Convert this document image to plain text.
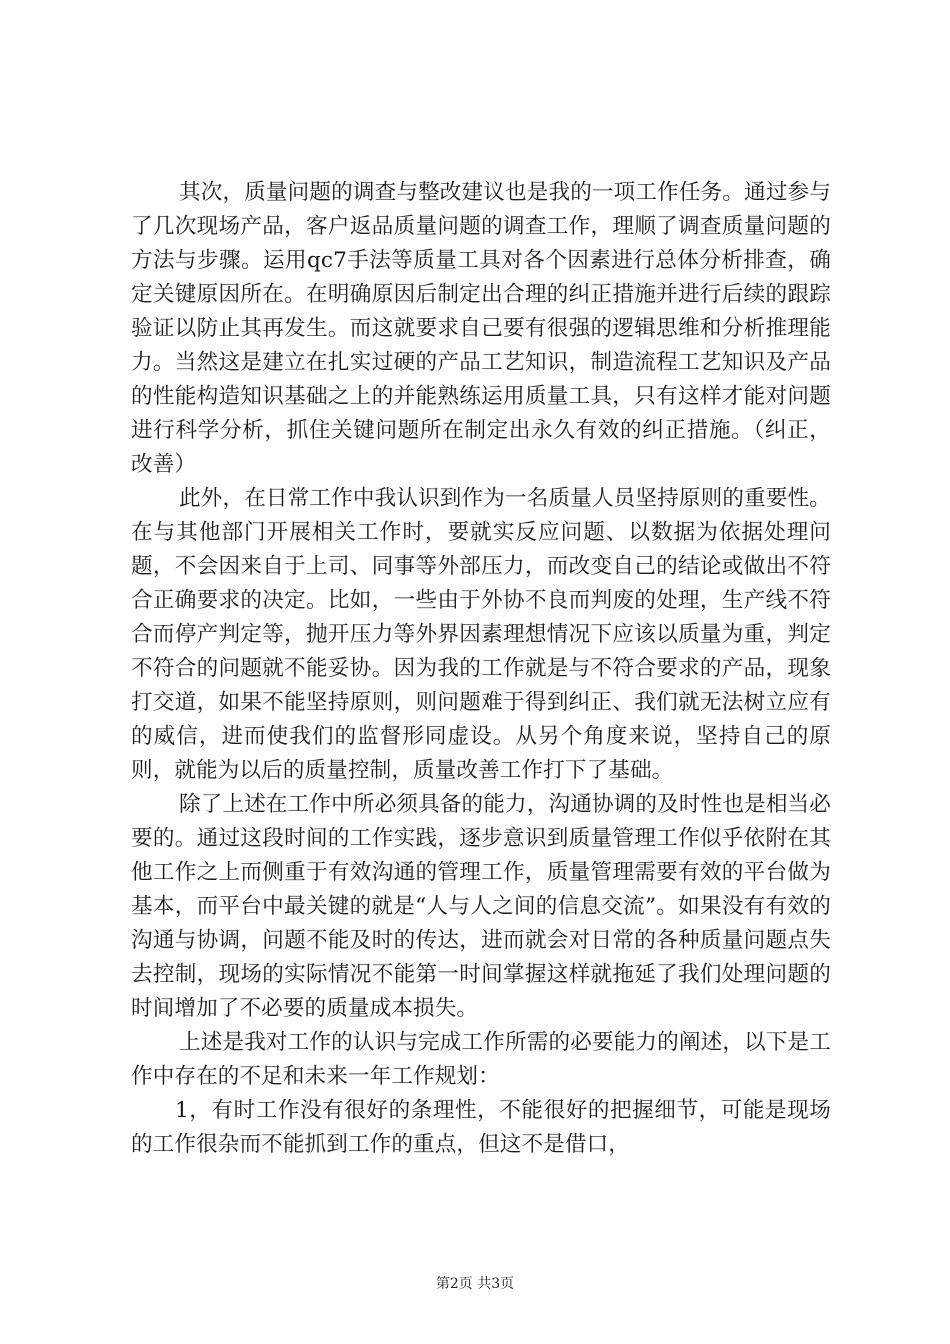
其次，质量问题的调查与整改建议也是我的一项工作任务。通过参与了几次现场产品，客户返品质量问题的调查工作，理顺了调查质量问题的方法与步骤。运用qc7手法等质量工具对各个因素进行总体分析排查，确定关键原因所在。在明确原因后制定出合理的纠正措施并进行后续的跟踪验证以防止其再发生。而这就要求自己要有很强的逻辑思维和分析推理能力。当然这是建立在扎实过硬的产品工艺知识，制造流程工艺知识及产品的性能构造知识基础之上的并能熟练运用质量工具，只有这样才能对问题进行科学分析，抓住关键问题所在制定出永久有效的纠正措施。（纠正，改善）

此外，在日常工作中我认识到作为一名质量人员坚持原则的重要性。在与其他部门开展相关工作时，要就实反应问题、以数据为依据处理问题，不会因来自于上司、同事等外部压力，而改变自己的结论或做出不符合正确要求的决定。比如，一些由于外协不良而判废的处理，生产线不符合而停产判定等，抛开压力等外界因素理想情况下应该以质量为重，判定不符合的问题就不能妥协。因为我的工作就是与不符合要求的产品，现象打交道，如果不能坚持原则，则问题难于得到纠正、我们就无法树立应有的威信，进而使我们的监督形同虚设。从另个角度来说，坚持自己的原则，就能为以后的质量控制，质量改善工作打下了基础。

除了上述在工作中所必须具备的能力，沟通协调的及时性也是相当必要的。通过这段时间的工作实践，逐步意识到质量管理工作似乎依附在其他工作之上而侧重于有效沟通的管理工作，质量管理需要有效的平台做为基本，而平台中最关键的就是“人与人之间的信息交流”。如果没有有效的沟通与协调，问题不能及时的传达，进而就会对日常的各种质量问题点失去控制，现场的实际情况不能第一时间掌握这样就拖延了我们处理问题的时间增加了不必要的质量成本损失。

上述是我对工作的认识与完成工作所需的必要能力的阐述，以下是工作中存在的不足和未来一年工作规划：

1，有时工作没有很好的条理性，不能很好的把握细节，可能是现场的工作很杂而不能抓到工作的重点，但这不是借口，

第2页 共3页
